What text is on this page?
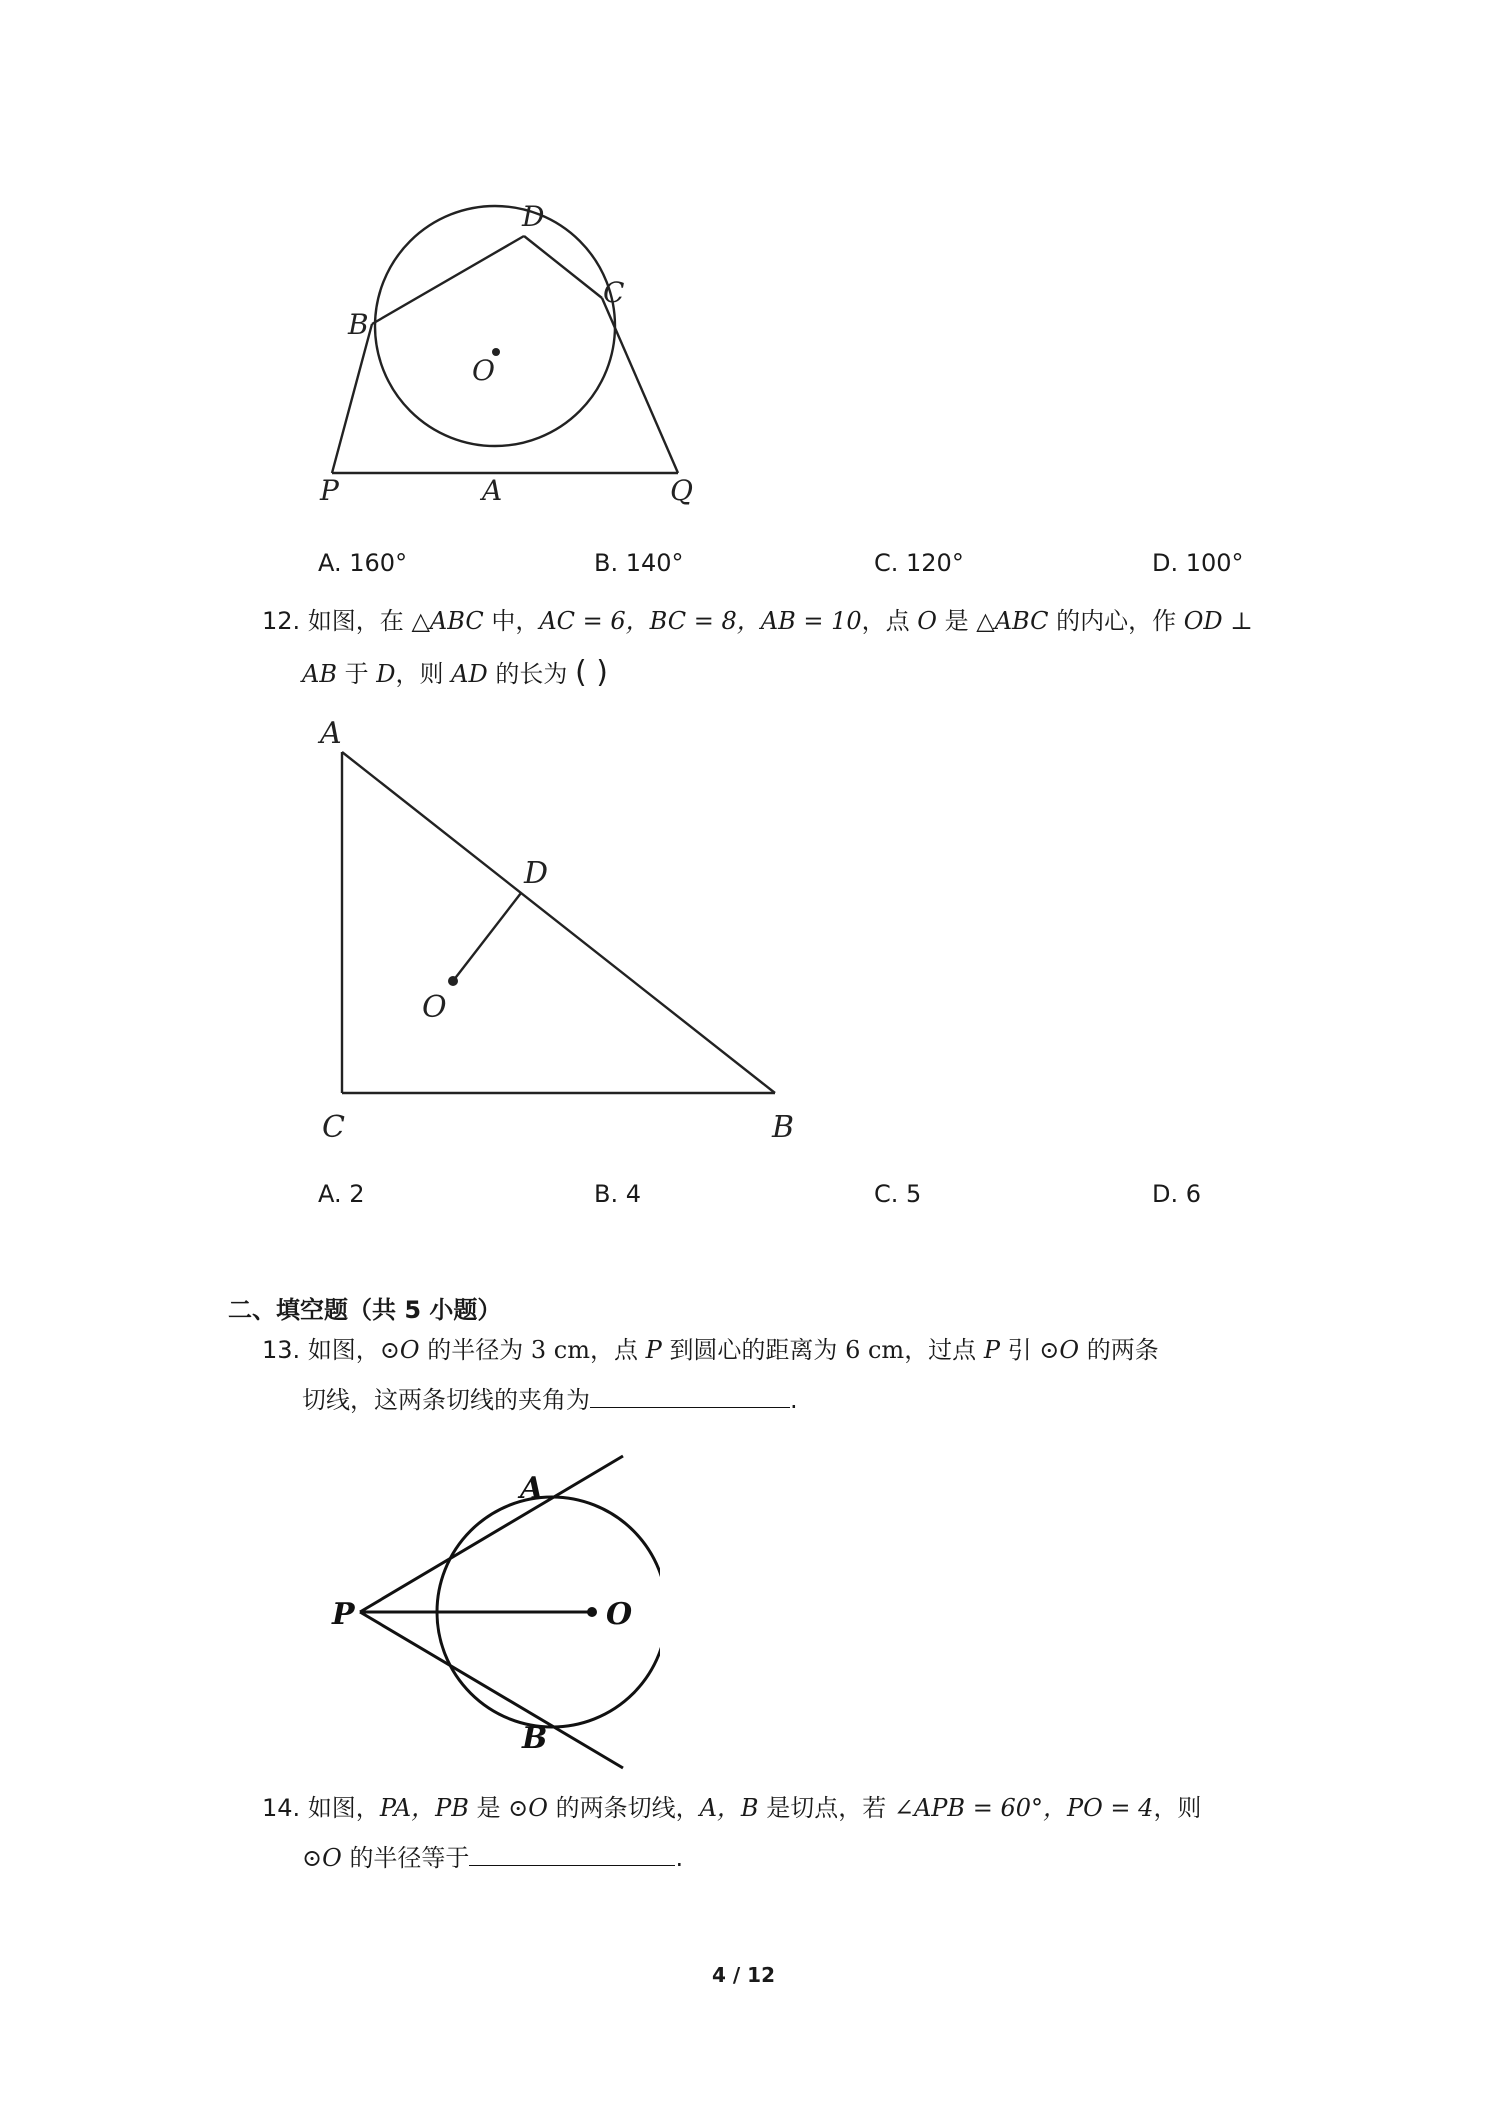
D
B
C
O
P	A	Q
A. 160°	B. 140°	C. 120°	D. 100°
12. 如图，在 △ABC 中，AC = 6，BC = 8，AB = 10，点 O 是 △ABC 的内心，作 OD ⊥
AB 于 D，则 AD 的长为 ( )
A
D
O
C	B
A. 2	B. 4	C. 5	D. 6
二、填空题（共 5 小题）
13. 如图，⊙O 的半径为 3 cm，点 P 到圆心的距离为 6 cm，过点 P 引 ⊙O 的两条
切线，这两条切线的夹角为	.
A
P	O
B
14. 如图，PA，PB 是 ⊙O 的两条切线，A，B 是切点，若 ∠APB = 60°，PO = 4，则
⊙O 的半径等于	.
4 / 12
